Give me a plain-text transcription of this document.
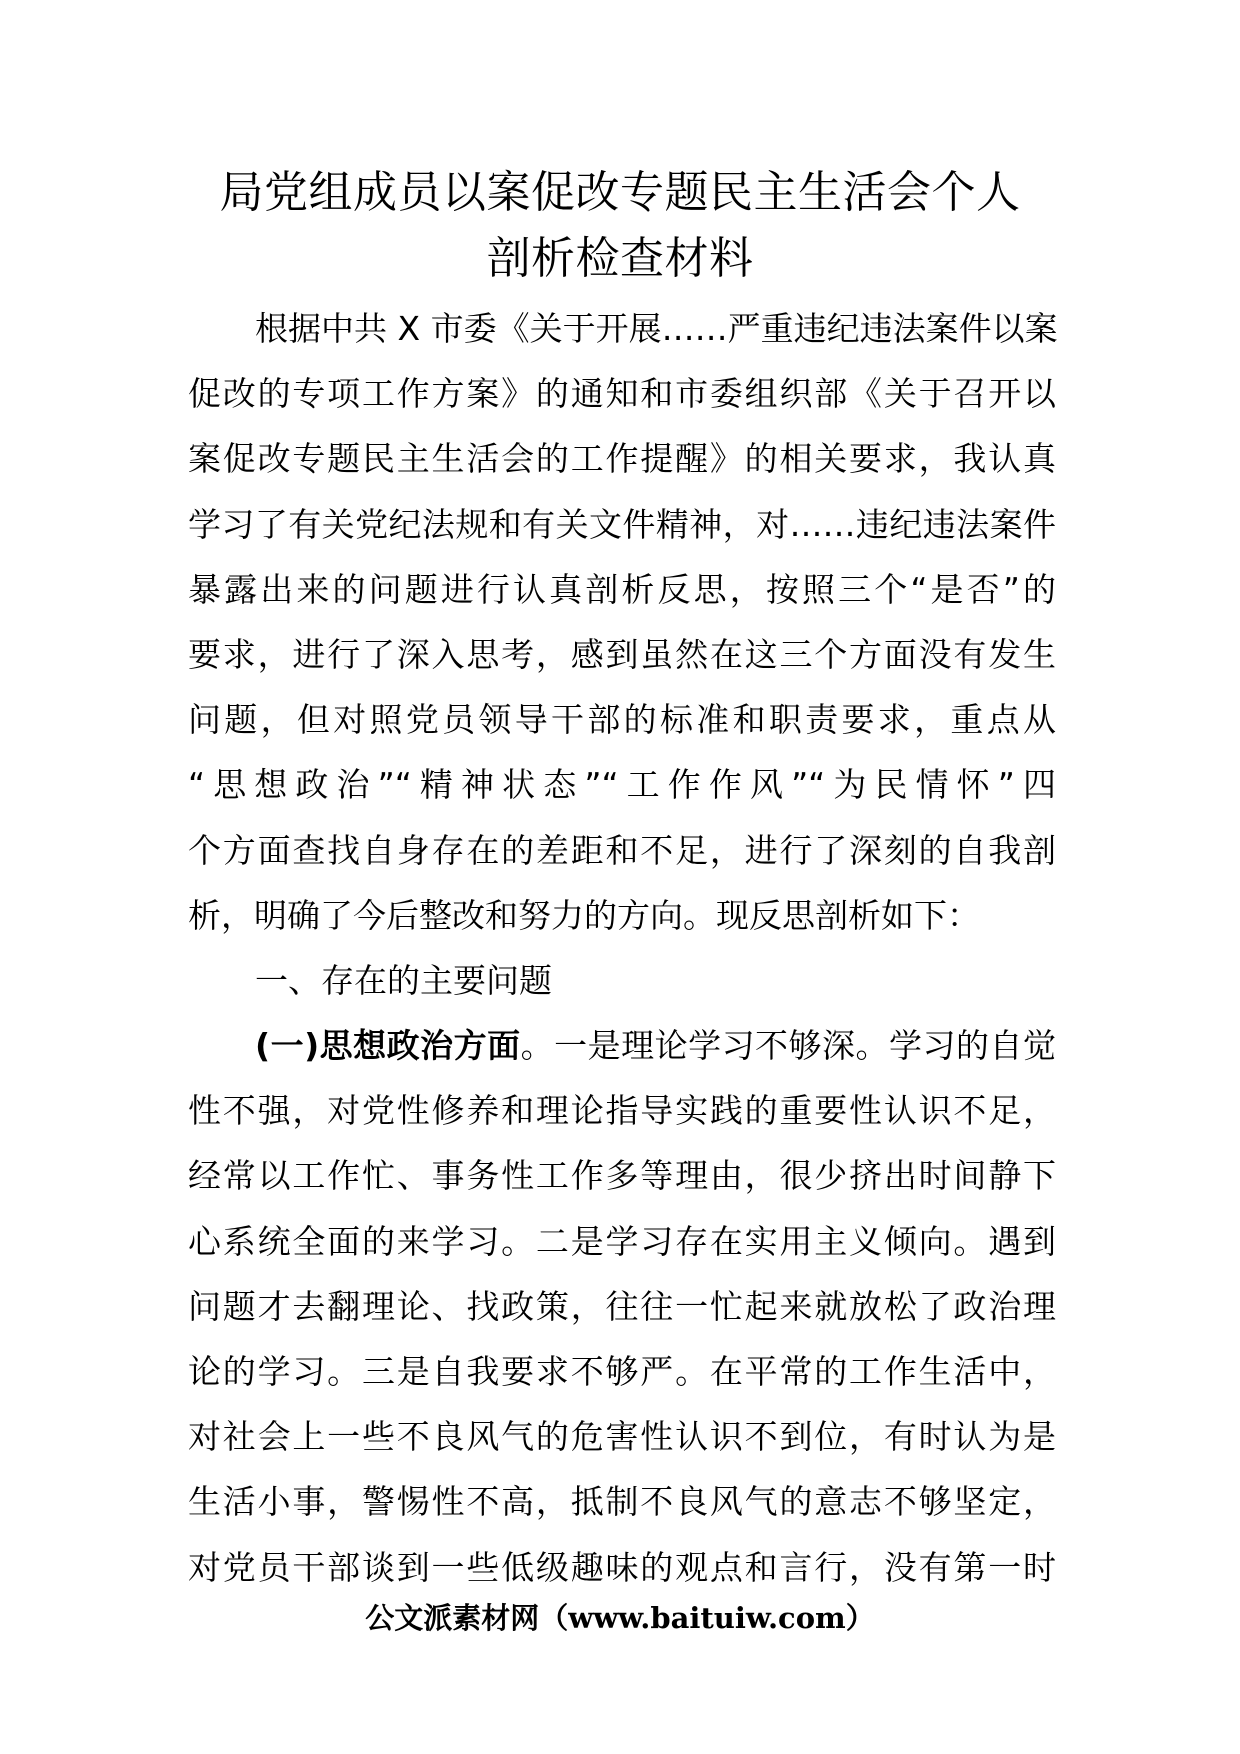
局党组成员以案促改专题民主生活会个人
剖析检查材料
根据中共 X 市委《关于开展……严重违纪违法案件以案
促改的专项工作方案》的通知和市委组织部《关于召开以
案促改专题民主生活会的工作提醒》的相关要求，我认真
学习了有关党纪法规和有关文件精神，对……违纪违法案件
暴露出来的问题进行认真剖析反思，按照三个“是否”的
要求，进行了深入思考，感到虽然在这三个方面没有发生
问题，但对照党员领导干部的标准和职责要求，重点从
“思想政治”“精神状态”“工作作风”“为民情怀”四
个方面查找自身存在的差距和不足，进行了深刻的自我剖
析，明确了今后整改和努力的方向。现反思剖析如下：
一、存在的主要问题
(一)思想政治方面。一是理论学习不够深。学习的自觉
性不强，对党性修养和理论指导实践的重要性认识不足，
经常以工作忙、事务性工作多等理由，很少挤出时间静下
心系统全面的来学习。二是学习存在实用主义倾向。遇到
问题才去翻理论、找政策，往往一忙起来就放松了政治理
论的学习。三是自我要求不够严。在平常的工作生活中，
对社会上一些不良风气的危害性认识不到位，有时认为是
生活小事，警惕性不高，抵制不良风气的意志不够坚定，
对党员干部谈到一些低级趣味的观点和言行，没有第一时
公文派素材网（www.baituiw.com）
